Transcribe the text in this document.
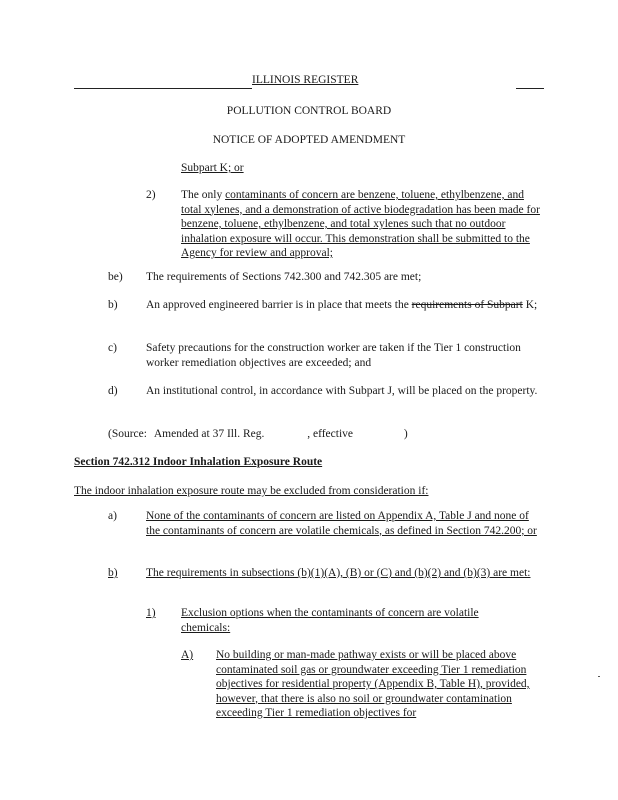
ILLINOIS REGISTER
POLLUTION CONTROL BOARD
NOTICE OF ADOPTED AMENDMENT
Subpart K; or
2) The only contaminants of concern are benzene, toluene, ethylbenzene, and total xylenes, and a demonstration of active biodegradation has been made for benzene, toluene, ethylbenzene, and total xylenes such that no outdoor inhalation exposure will occur. This demonstration shall be submitted to the Agency for review and approval;
be) The requirements of Sections 742.300 and 742.305 are met;
b) An approved engineered barrier is in place that meets the requirements of Subpart K;
c)	Safety precautions for the construction worker are taken if the Tier 1 construction worker remediation objectives are exceeded; and
d) An institutional control, in accordance with Subpart J, will be placed on the property.
(Source: Amended at 37 Ill. Reg.	, effective	)
Section 742.312 Indoor Inhalation Exposure Route
The indoor inhalation exposure route may be excluded from consideration if:
a)	None of the contaminants of concern are listed on Appendix A, Table J and none of the contaminants of concern are volatile chemicals, as defined in Section 742.200; or
b) The requirements in subsections (b)(1)(A), (B) or (C) and (b)(2) and (b)(3) are met:
1) Exclusion options when the contaminants of concern are volatile chemicals:
A) No building or man-made pathway exists or will be placed above contaminated soil gas or groundwater exceeding Tier 1 remediation objectives for residential property (Appendix B, Table H), provided, however, that there is also no soil or groundwater contamination exceeding Tier 1 remediation objectives for
